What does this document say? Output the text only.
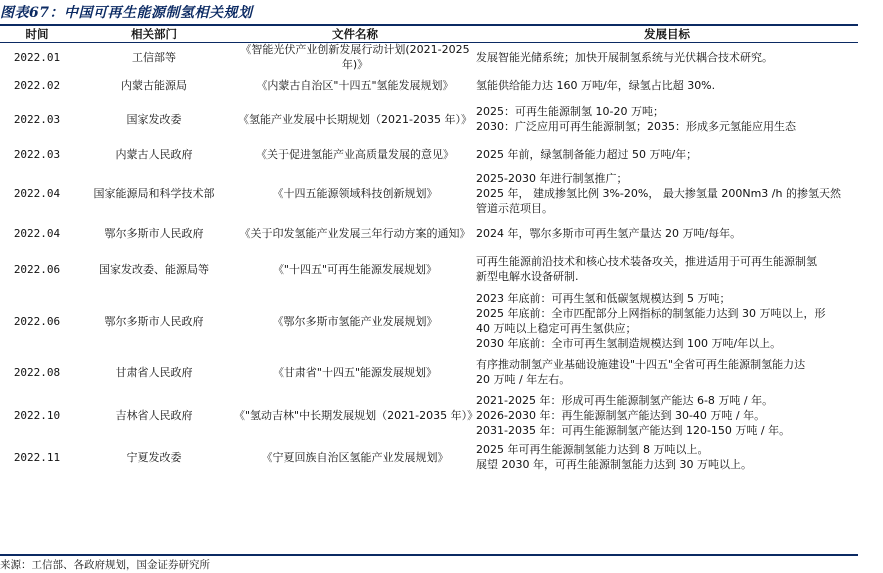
图表67：中国可再生能源制氢相关规划
时间	相关部门	文件名称	发展目标
2022.01	工信部等	《智能光伏产业创新发展行动计划(2021-2025 年)》	发展智能光储系统；加快开展制氢系统与光伏耦合技术研究。

2022.02	内蒙古能源局	《内蒙古自治区"十四五"氢能发展规划》	氢能供给能力达 160 万吨/年，绿氢占比超 30%.

2022.03	国家发改委	《氢能产业发展中长期规划（2021-2035 年）》	2025：可再生能源制氢 10-20 万吨；
2030：广泛应用可再生能源制氢；2035：形成多元氢能应用生态

2022.03	内蒙古人民政府	《关于促进氢能产业高质量发展的意见》	2025 年前，绿氢制备能力超过 50 万吨/年；

2022.04	国家能源局和科学技术部	《十四五能源领域科技创新规划》	2025-2030 年进行制氢推广；
2025 年， 建成掺氢比例 3%-20%， 最大掺氢量 200Nm3 /h 的掺氢天然
管道示范项目。

2022.04	鄂尔多斯市人民政府	《关于印发氢能产业发展三年行动方案的通知》	2024 年，鄂尔多斯市可再生氢产量达 20 万吨/每年。

2022.06	国家发改委、能源局等	《"十四五"可再生能源发展规划》	可再生能源前沿技术和核心技术装备攻关，推进适用于可再生能源制氢
新型电解水设备研制.

2022.06	鄂尔多斯市人民政府	《鄂尔多斯市氢能产业发展规划》	2023 年底前：可再生氢和低碳氢规模达到 5 万吨；
2025 年底前：全市匹配部分上网指标的制氢能力达到 30 万吨以上，形
40 万吨以上稳定可再生氢供应；
2030 年底前：全市可再生氢制造规模达到 100 万吨/年以上。

2022.08	甘肃省人民政府	《甘肃省"十四五"能源发展规划》	有序推动制氢产业基础设施建设"十四五"全省可再生能源制氢能力达
20 万吨 / 年左右。

2022.10	吉林省人民政府	《"氢动吉林"中长期发展规划（2021-2035 年）》	2021-2025 年：形成可再生能源制氢产能达 6-8 万吨 / 年。
2026-2030 年：再生能源制氢产能达到 30-40 万吨 / 年。
2031-2035 年：可再生能源制氢产能达到 120-150 万吨 / 年。

2022.11	宁夏发改委	《宁夏回族自治区氢能产业发展规划》	2025 年可再生能源制氢能力达到 8 万吨以上。
展望 2030 年，可再生能源制氢能力达到 30 万吨以上。
来源：工信部、各政府规划，国金证券研究所
